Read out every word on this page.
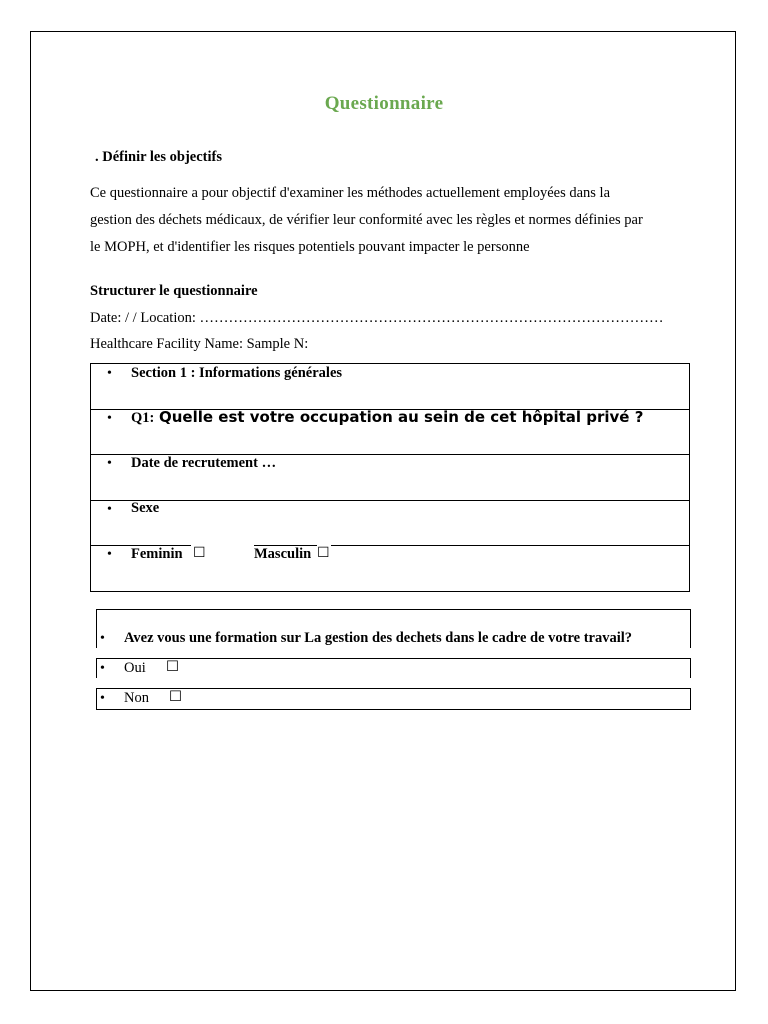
Questionnaire
. Définir les objectifs
Ce questionnaire a pour objectif d'examiner les méthodes actuellement employées dans la
gestion des déchets médicaux, de vérifier leur conformité avec les règles et normes définies par
le MOPH, et d'identifier les risques potentiels pouvant impacter le personne
Structurer le questionnaire
Date: / / Location: ……………………………………………………………………………………
Healthcare Facility Name: Sample N:
• Section 1 : Informations générales
• Q1: Quelle est votre occupation au sein de cet hôpital privé ?
• Date de recrutement …
• Sexe
• Feminin ☐	Masculin ☐
• Avez vous une formation sur La gestion des dechets dans le cadre de votre travail?
• Oui ☐
• Non ☐
